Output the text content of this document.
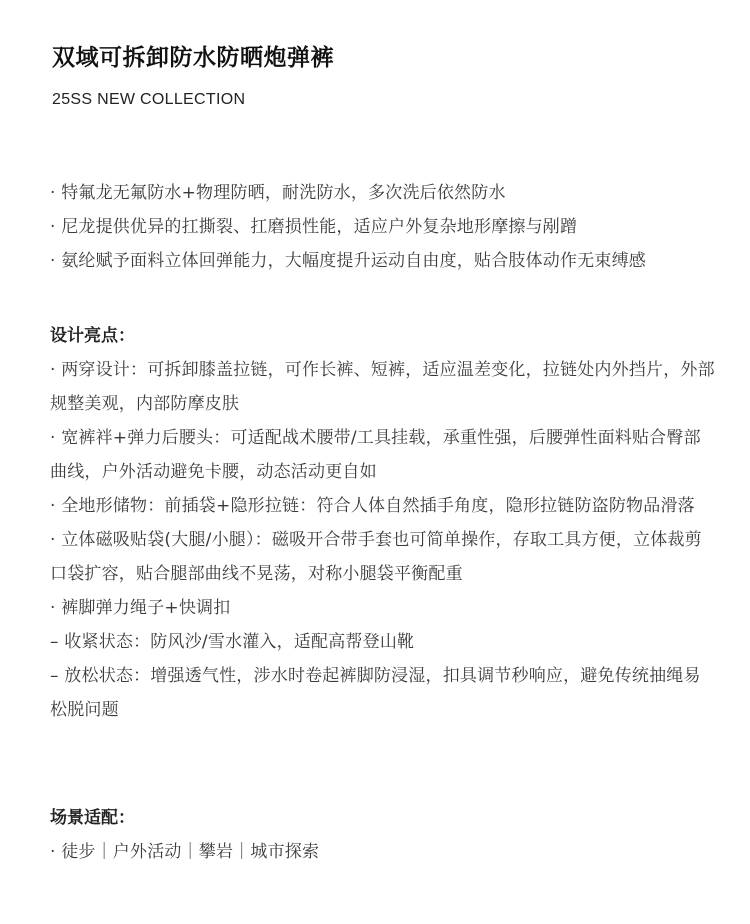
双域可拆卸防水防晒炮弹裤

25SS NEW COLLECTION

· 特氟龙无氟防水+物理防晒，耐洗防水，多次洗后依然防水
· 尼龙提供优异的扛撕裂、扛磨损性能，适应户外复杂地形摩擦与剐蹭
· 氨纶赋予面料立体回弹能力，大幅度提升运动自由度，贴合肢体动作无束缚感
设计亮点：
· 两穿设计：可拆卸膝盖拉链，可作长裤、短裤，适应温差变化，拉链处内外挡片，外部规整美观，内部防摩皮肤
· 宽裤袢+弹力后腰头：可适配战术腰带/工具挂载，承重性强，后腰弹性面料贴合臀部曲线，户外活动避免卡腰，动态活动更自如
· 全地形储物：前插袋+隐形拉链：符合人体自然插手角度，隐形拉链防盗防物品滑落
· 立体磁吸贴袋(大腿/小腿）：磁吸开合带手套也可简单操作，存取工具方便，立体裁剪口袋扩容，贴合腿部曲线不晃荡，对称小腿袋平衡配重
· 裤脚弹力绳子+快调扣
– 收紧状态：防风沙/雪水灌入，适配高帮登山靴
– 放松状态：增强透气性，涉水时卷起裤脚防浸湿，扣具调节秒响应，避免传统抽绳易松脱问题
场景适配：
· 徒步｜户外活动｜攀岩｜城市探索
